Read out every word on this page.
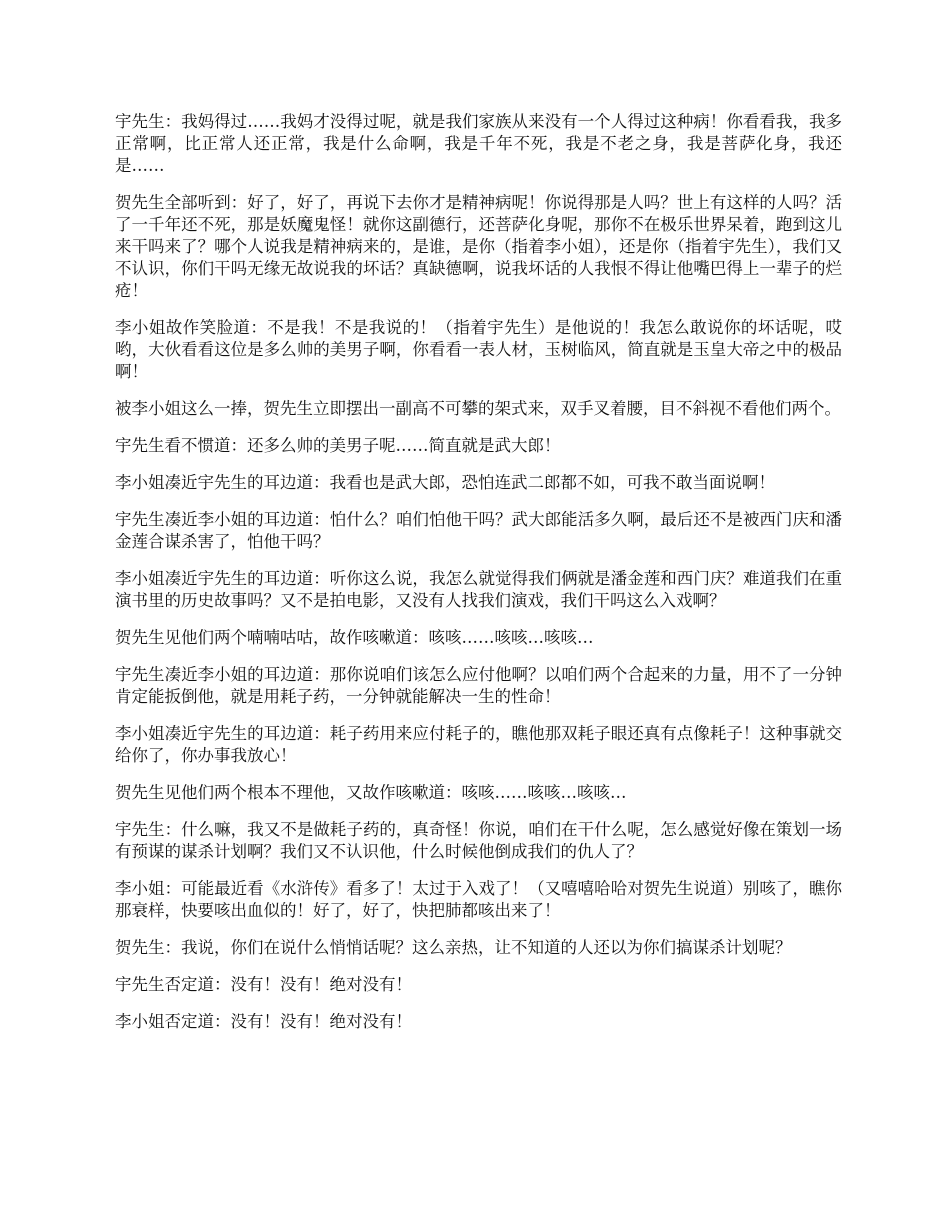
宇先生：我妈得过……我妈才没得过呢，就是我们家族从来没有一个人得过这种病！你看看我，我多正常啊，比正常人还正常，我是什么命啊，我是千年不死，我是不老之身，我是菩萨化身，我还是……

贺先生全部听到：好了，好了，再说下去你才是精神病呢！你说得那是人吗？世上有这样的人吗？活了一千年还不死，那是妖魔鬼怪！就你这副德行，还菩萨化身呢，那你不在极乐世界呆着，跑到这儿来干吗来了？哪个人说我是精神病来的，是谁，是你（指着李小姐），还是你（指着宇先生），我们又不认识，你们干吗无缘无故说我的坏话？真缺德啊，说我坏话的人我恨不得让他嘴巴得上一辈子的烂疮！

李小姐故作笑脸道：不是我！不是我说的！（指着宇先生）是他说的！我怎么敢说你的坏话呢，哎哟，大伙看看这位是多么帅的美男子啊，你看看一表人材，玉树临风，简直就是玉皇大帝之中的极品啊！

被李小姐这么一捧，贺先生立即摆出一副高不可攀的架式来，双手叉着腰，目不斜视不看他们两个。

宇先生看不惯道：还多么帅的美男子呢……简直就是武大郎！

李小姐凑近宇先生的耳边道：我看也是武大郎，恐怕连武二郎都不如，可我不敢当面说啊！

宇先生凑近李小姐的耳边道：怕什么？咱们怕他干吗？武大郎能活多久啊，最后还不是被西门庆和潘金莲合谋杀害了，怕他干吗？

李小姐凑近宇先生的耳边道：听你这么说，我怎么就觉得我们俩就是潘金莲和西门庆？难道我们在重演书里的历史故事吗？又不是拍电影，又没有人找我们演戏，我们干吗这么入戏啊？

贺先生见他们两个喃喃咕咕，故作咳嗽道：咳咳……咳咳…咳咳…

宇先生凑近李小姐的耳边道：那你说咱们该怎么应付他啊？以咱们两个合起来的力量，用不了一分钟肯定能扳倒他，就是用耗子药，一分钟就能解决一生的性命！

李小姐凑近宇先生的耳边道：耗子药用来应付耗子的，瞧他那双耗子眼还真有点像耗子！这种事就交给你了，你办事我放心！

贺先生见他们两个根本不理他，又故作咳嗽道：咳咳……咳咳…咳咳…

宇先生：什么嘛，我又不是做耗子药的，真奇怪！你说，咱们在干什么呢，怎么感觉好像在策划一场有预谋的谋杀计划啊？我们又不认识他，什么时候他倒成我们的仇人了？

李小姐：可能最近看《水浒传》看多了！太过于入戏了！（又嘻嘻哈哈对贺先生说道）别咳了，瞧你那衰样，快要咳出血似的！好了，好了，快把肺都咳出来了！

贺先生：我说，你们在说什么悄悄话呢？这么亲热，让不知道的人还以为你们搞谋杀计划呢？

宇先生否定道：没有！没有！绝对没有！

李小姐否定道：没有！没有！绝对没有！
